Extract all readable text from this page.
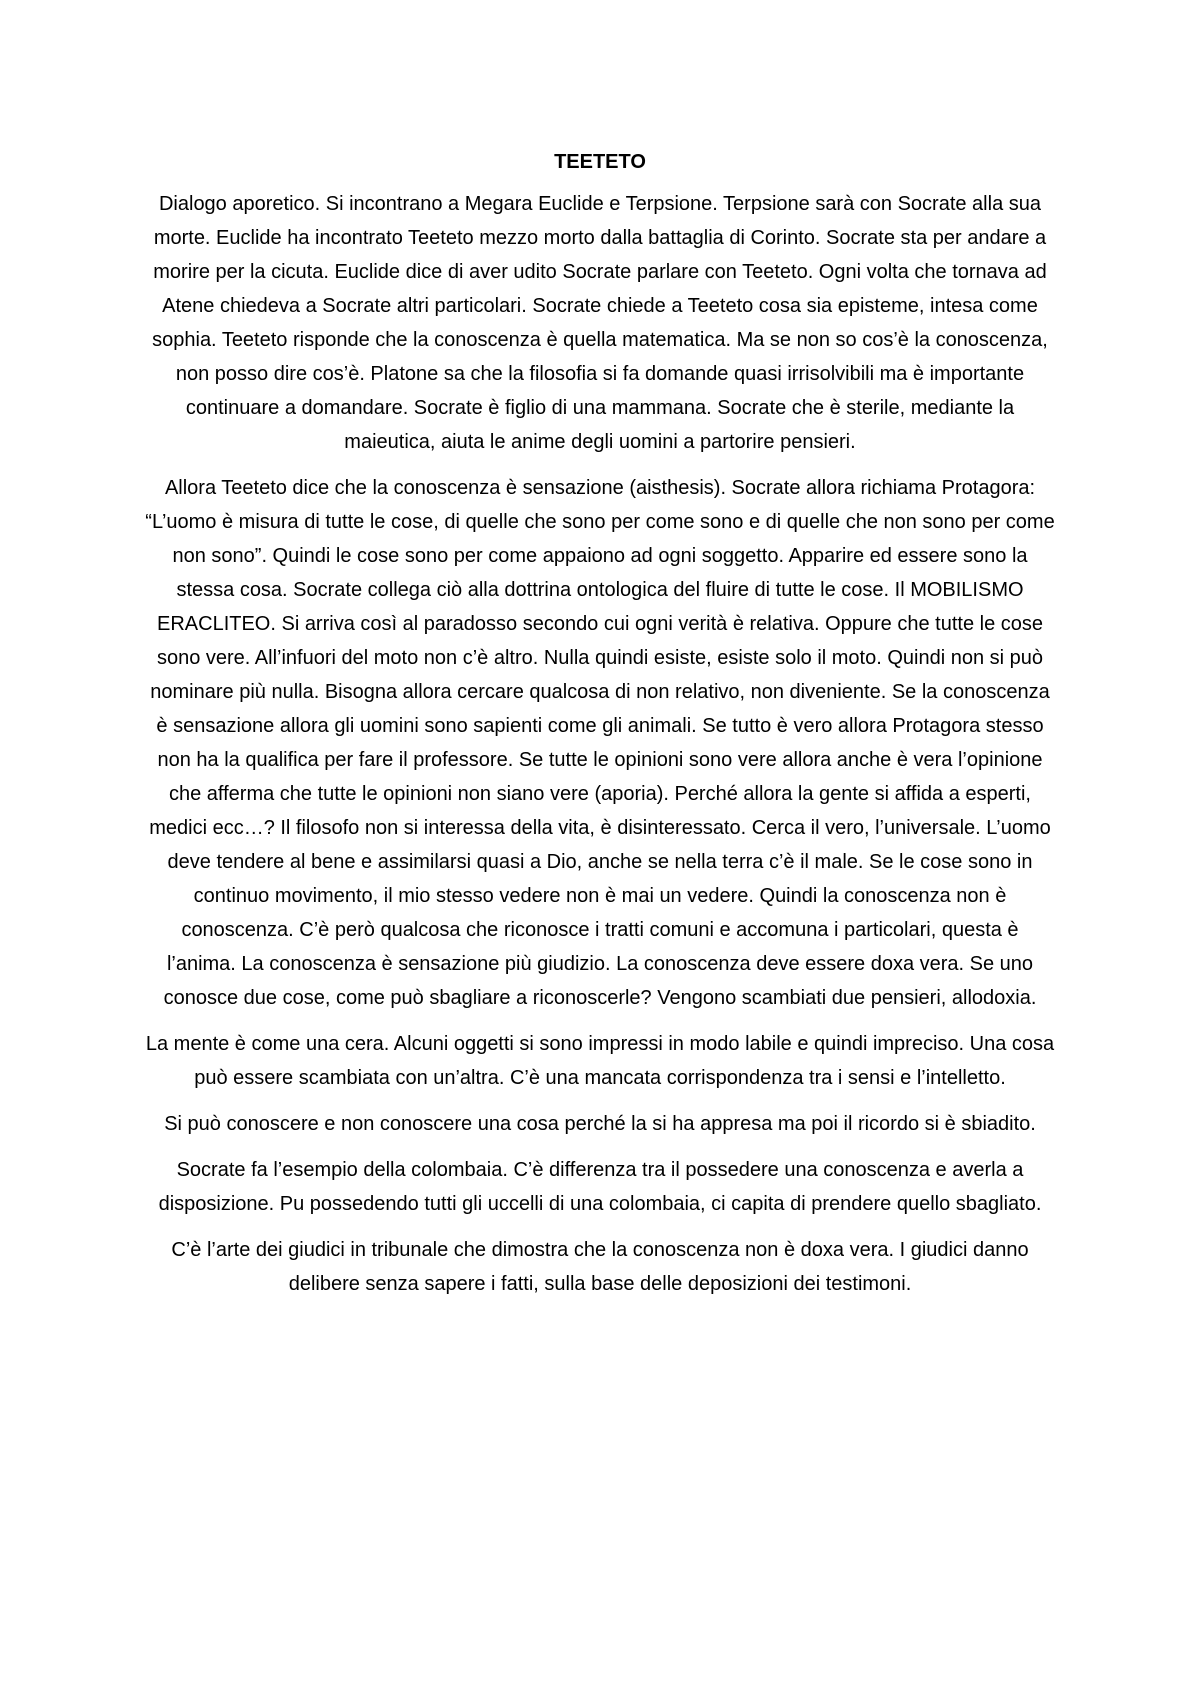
TEETETO

Dialogo aporetico. Si incontrano a Megara Euclide e Terpsione. Terpsione sarà con Socrate alla sua morte. Euclide ha incontrato Teeteto mezzo morto dalla battaglia di Corinto. Socrate sta per andare a morire per la cicuta. Euclide dice di aver udito Socrate parlare con Teeteto. Ogni volta che tornava ad Atene chiedeva a Socrate altri particolari. Socrate chiede a Teeteto cosa sia episteme, intesa come sophia. Teeteto risponde che la conoscenza è quella matematica. Ma se non so cos’è la conoscenza, non posso dire cos’è. Platone sa che la filosofia si fa domande quasi irrisolvibili ma è importante continuare a domandare. Socrate è figlio di una mammana. Socrate che è sterile, mediante la maieutica, aiuta le anime degli uomini a partorire pensieri.

Allora Teeteto dice che la conoscenza è sensazione (aisthesis). Socrate allora richiama Protagora: “L’uomo è misura di tutte le cose, di quelle che sono per come sono e di quelle che non sono per come non sono”. Quindi le cose sono per come appaiono ad ogni soggetto. Apparire ed essere sono la stessa cosa. Socrate collega ciò alla dottrina ontologica del fluire di tutte le cose. Il MOBILISMO ERACLITEO. Si arriva così al paradosso secondo cui ogni verità è relativa. Oppure che tutte le cose sono vere. All’infuori del moto non c’è altro. Nulla quindi esiste, esiste solo il moto. Quindi non si può nominare più nulla. Bisogna allora cercare qualcosa di non relativo, non diveniente. Se la conoscenza è sensazione allora gli uomini sono sapienti come gli animali. Se tutto è vero allora Protagora stesso non ha la qualifica per fare il professore. Se tutte le opinioni sono vere allora anche è vera l’opinione che afferma che tutte le opinioni non siano vere (aporia). Perché allora la gente si affida a esperti, medici ecc…? Il filosofo non si interessa della vita, è disinteressato. Cerca il vero, l’universale. L’uomo deve tendere al bene e assimilarsi quasi a Dio, anche se nella terra c’è il male. Se le cose sono in continuo movimento, il mio stesso vedere non è mai un vedere. Quindi la conoscenza non è conoscenza. C’è però qualcosa che riconosce i tratti comuni e accomuna i particolari, questa è l’anima. La conoscenza è sensazione più giudizio. La conoscenza deve essere doxa vera. Se uno conosce due cose, come può sbagliare a riconoscerle? Vengono scambiati due pensieri, allodoxia.

La mente è come una cera. Alcuni oggetti si sono impressi in modo labile e quindi impreciso. Una cosa può essere scambiata con un’altra. C’è una mancata corrispondenza tra i sensi e l’intelletto.

Si può conoscere e non conoscere una cosa perché la si ha appresa ma poi il ricordo si è sbiadito.

Socrate fa l’esempio della colombaia. C’è differenza tra il possedere una conoscenza e averla a disposizione. Pu possedendo tutti gli uccelli di una colombaia, ci capita di prendere quello sbagliato.

C’è l’arte dei giudici in tribunale che dimostra che la conoscenza non è doxa vera. I giudici danno delibere senza sapere i fatti, sulla base delle deposizioni dei testimoni.
